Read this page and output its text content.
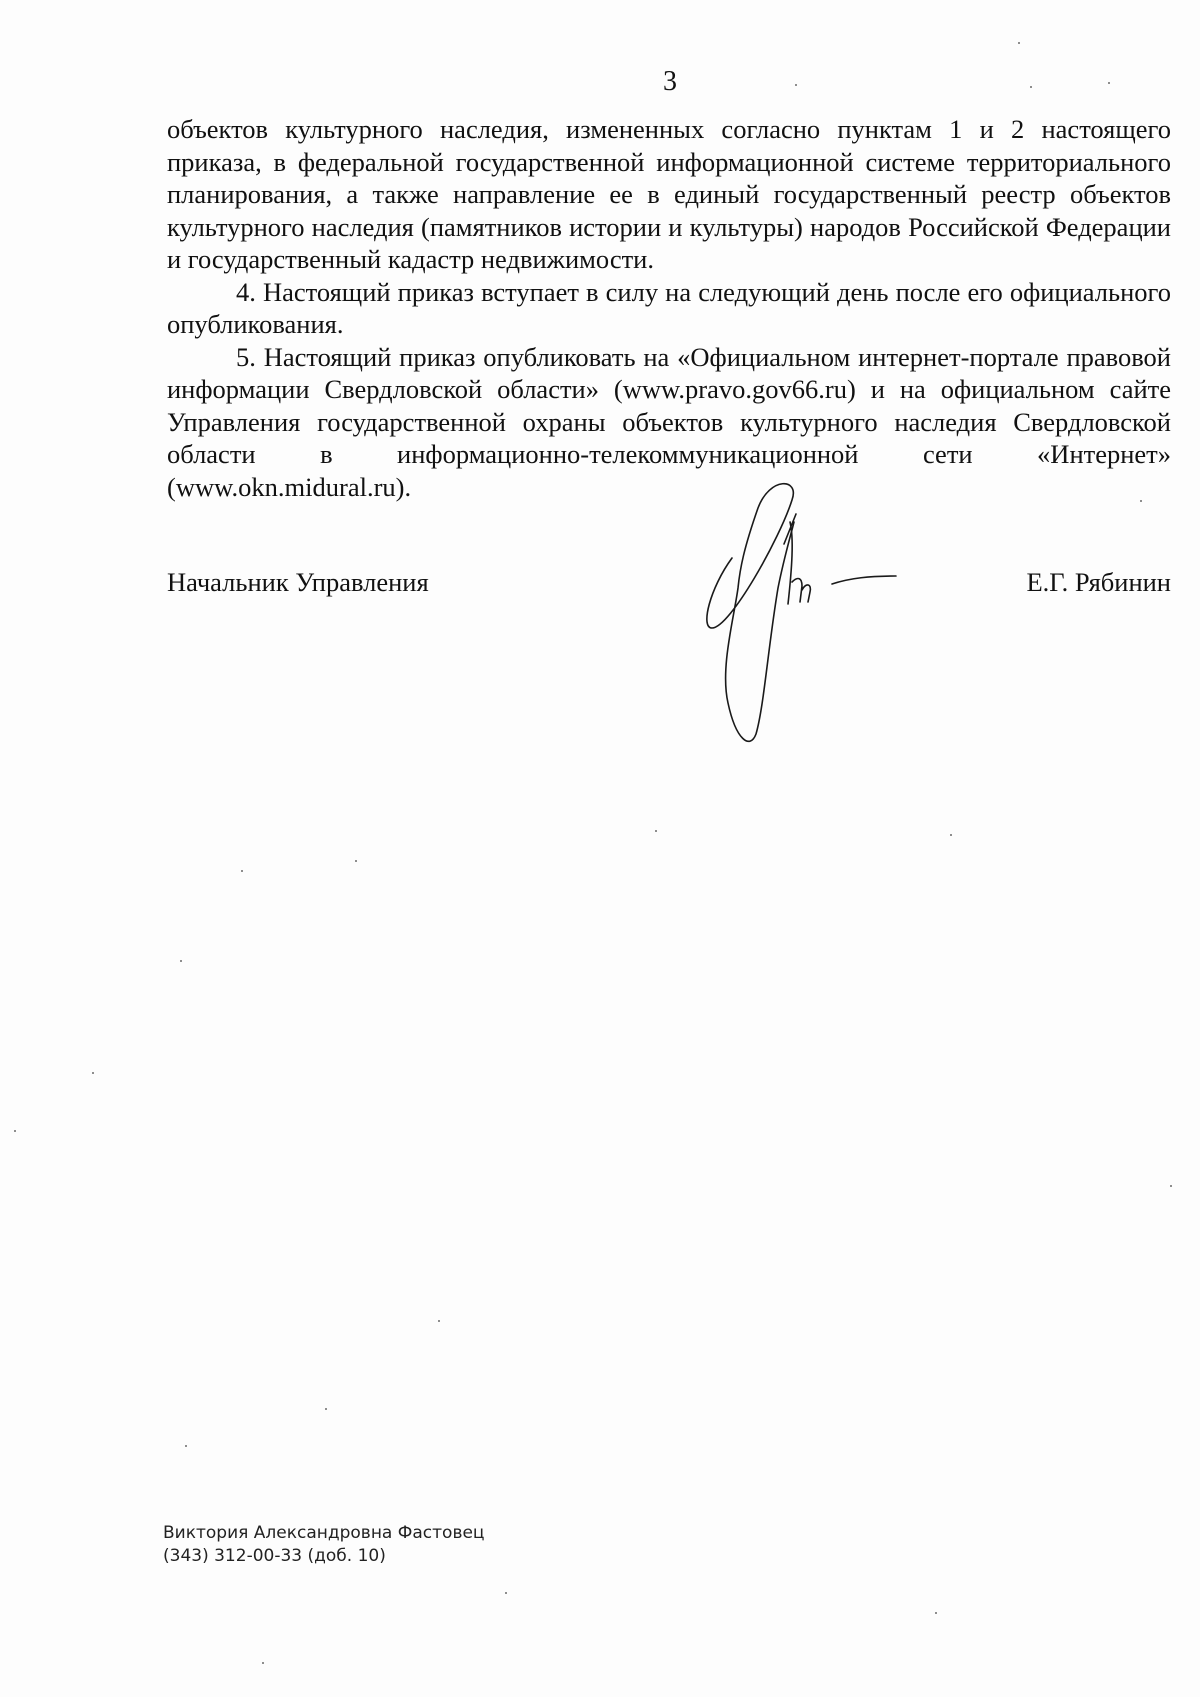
3

объектов культурного наследия, измененных согласно пунктам 1 и 2 настоящего приказа, в федеральной государственной информационной системе территориального планирования, а также направление ее в единый государственный реестр объектов культурного наследия (памятников истории и культуры) народов Российской Федерации и государственный кадастр недвижимости.

4. Настоящий приказ вступает в силу на следующий день после его официального опубликования.

5. Настоящий приказ опубликовать на «Официальном интернет-портале правовой информации Свердловской области» (www.pravo.gov66.ru) и на официальном сайте Управления государственной охраны объектов культурного наследия Свердловской области в информационно-телекоммуникационной сети «Интернет» (www.okn.midural.ru).

Начальник Управления	Е.Г. Рябинин
Виктория Александровна Фастовец
(343) 312-00-33 (доб. 10)
